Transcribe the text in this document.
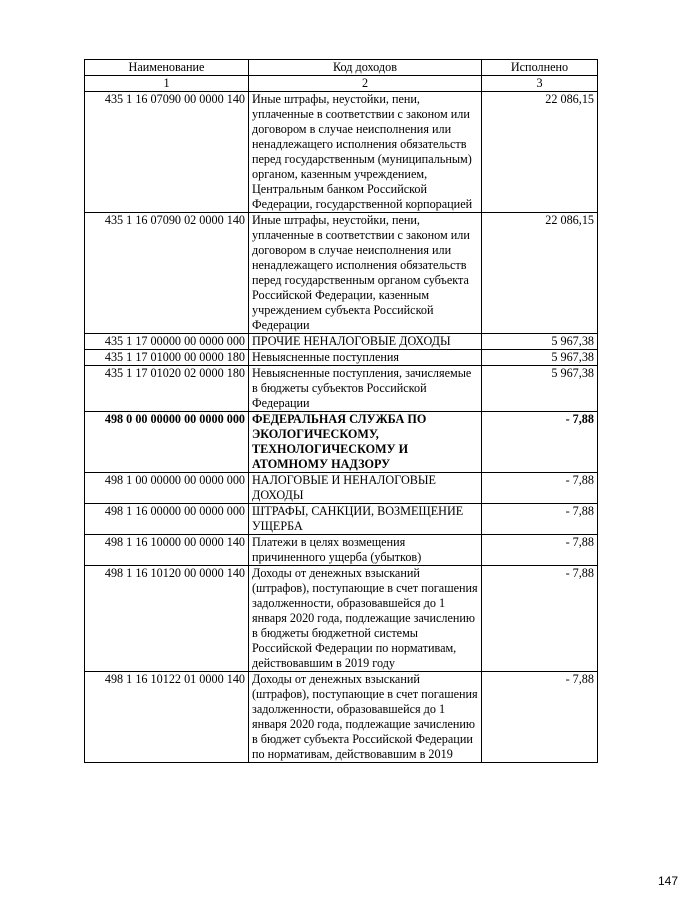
Наименование	Код доходов	Исполнено
1	2	3
435 1 16 07090 00 0000 140	Иные штрафы, неустойки, пени, уплаченные в соответствии с законом или договором в случае неисполнения или ненадлежащего исполнения обязательств перед государственным (муниципальным) органом, казенным учреждением, Центральным банком Российской Федерации, государственной корпорацией	22 086,15
435 1 16 07090 02 0000 140	Иные штрафы, неустойки, пени, уплаченные в соответствии с законом или договором в случае неисполнения или ненадлежащего исполнения обязательств перед государственным органом субъекта Российской Федерации, казенным учреждением субъекта Российской Федерации	22 086,15
435 1 17 00000 00 0000 000	ПРОЧИЕ НЕНАЛОГОВЫЕ ДОХОДЫ	5 967,38
435 1 17 01000 00 0000 180	Невыясненные поступления	5 967,38
435 1 17 01020 02 0000 180	Невыясненные поступления, зачисляемые в бюджеты субъектов Российской Федерации	5 967,38
498 0 00 00000 00 0000 000	ФЕДЕРАЛЬНАЯ СЛУЖБА ПО ЭКОЛОГИЧЕСКОМУ, ТЕХНОЛОГИЧЕСКОМУ И АТОМНОМУ НАДЗОРУ	- 7,88
498 1 00 00000 00 0000 000	НАЛОГОВЫЕ И НЕНАЛОГОВЫЕ ДОХОДЫ	- 7,88
498 1 16 00000 00 0000 000	ШТРАФЫ, САНКЦИИ, ВОЗМЕЩЕНИЕ УЩЕРБА	- 7,88
498 1 16 10000 00 0000 140	Платежи в целях возмещения причиненного ущерба (убытков)	- 7,88
498 1 16 10120 00 0000 140	Доходы от денежных взысканий (штрафов), поступающие в счет погашения задолженности, образовавшейся до 1 января 2020 года, подлежащие зачислению в бюджеты бюджетной системы Российской Федерации по нормативам, действовавшим в 2019 году	- 7,88
498 1 16 10122 01 0000 140	Доходы от денежных взысканий (штрафов), поступающие в счет погашения задолженности, образовавшейся до 1 января 2020 года, подлежащие зачислению в бюджет субъекта Российской Федерации по нормативам, действовавшим в 2019	- 7,88
147
